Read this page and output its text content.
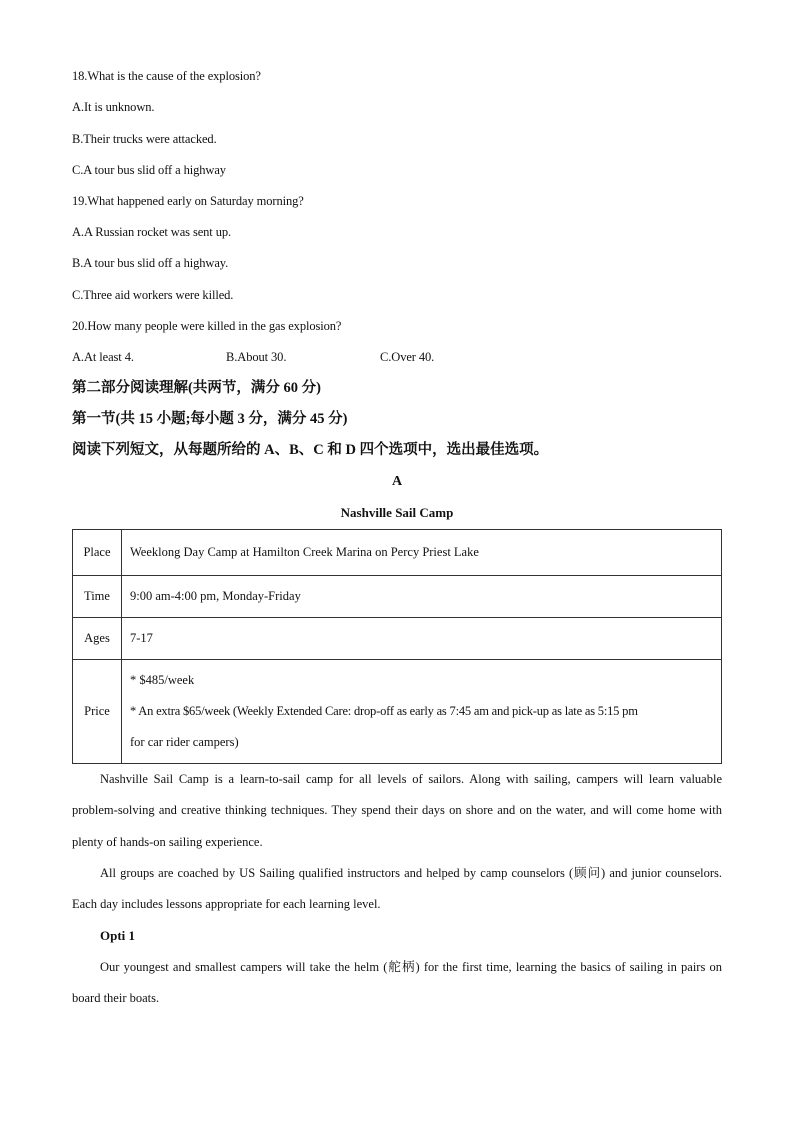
18.What is the cause of the explosion?
A.It is unknown.
B.Their trucks were attacked.
C.A tour bus slid off a highway
19.What happened early on Saturday morning?
A.A Russian rocket was sent up.
B.A tour bus slid off a highway.
C.Three aid workers were killed.
20.How many people were killed in the gas explosion?
A.At least 4.	B.About 30.	C.Over 40.
第二部分阅读理解(共两节，满分 60 分)
第一节(共 15 小题;每小题 3 分，满分 45 分)
阅读下列短文，从每题所给的 A、B、C 和 D 四个选项中，选出最佳选项。
A
Nashville Sail Camp
Place	Weeklong Day Camp at Hamilton Creek Marina on Percy Priest Lake
Time	9:00 am-4:00 pm, Monday-Friday
Ages	7-17
Price	* $485/week
* An extra $65/week (Weekly Extended Care: drop-off as early as 7:45 am and pick-up as late as 5:15 pm
for car rider campers)
Nashville Sail Camp is a learn-to-sail camp for all levels of sailors. Along with sailing, campers will learn valuable problem-solving and creative thinking techniques. They spend their days on shore and on the water, and will come home with plenty of hands-on sailing experience.
All groups are coached by US Sailing qualified instructors and helped by camp counselors (顾问) and junior counselors. Each day includes lessons appropriate for each learning level.
Opti 1
Our youngest and smallest campers will take the helm (舵柄) for the first time, learning the basics of sailing in pairs on board their boats.
